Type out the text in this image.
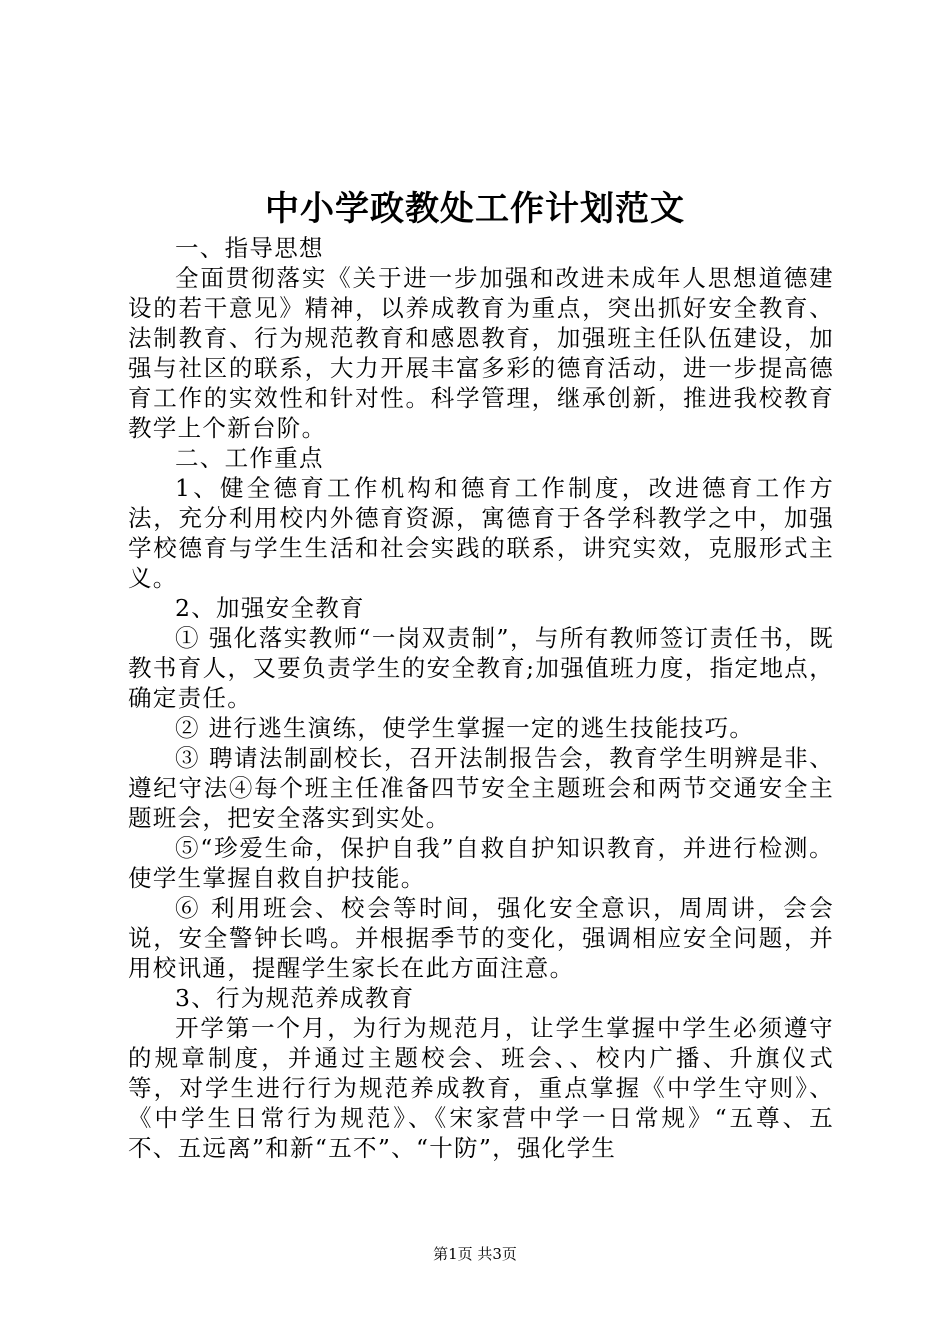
中小学政教处工作计划范文

一、指导思想

全面贯彻落实《关于进一步加强和改进未成年人思想道德建设的若干意见》精神，以养成教育为重点，突出抓好安全教育、法制教育、行为规范教育和感恩教育，加强班主任队伍建设，加强与社区的联系，大力开展丰富多彩的德育活动，进一步提高德育工作的实效性和针对性。科学管理，继承创新，推进我校教育教学上个新台阶。

二、工作重点

1、健全德育工作机构和德育工作制度，改进德育工作方法，充分利用校内外德育资源，寓德育于各学科教学之中，加强学校德育与学生生活和社会实践的联系，讲究实效，克服形式主义。

2、加强安全教育

① 强化落实教师“一岗双责制”，与所有教师签订责任书，既教书育人，又要负责学生的安全教育;加强值班力度，指定地点，确定责任。

② 进行逃生演练，使学生掌握一定的逃生技能技巧。

③ 聘请法制副校长，召开法制报告会，教育学生明辨是非、遵纪守法④每个班主任准备四节安全主题班会和两节交通安全主题班会，把安全落实到实处。

⑤“珍爱生命，保护自我”自救自护知识教育，并进行检测。使学生掌握自救自护技能。

⑥ 利用班会、校会等时间，强化安全意识，周周讲，会会说，安全警钟长鸣。并根据季节的变化，强调相应安全问题，并用校讯通，提醒学生家长在此方面注意。

3、行为规范养成教育

开学第一个月，为行为规范月，让学生掌握中学生必须遵守的规章制度，并通过主题校会、班会、、校内广播、升旗仪式等，对学生进行行为规范养成教育，重点掌握《中学生守则》、《中学生日常行为规范》、《宋家营中学一日常规》“五尊、五不、五远离”和新“五不”、“十防”，强化学生

第1页 共3页
